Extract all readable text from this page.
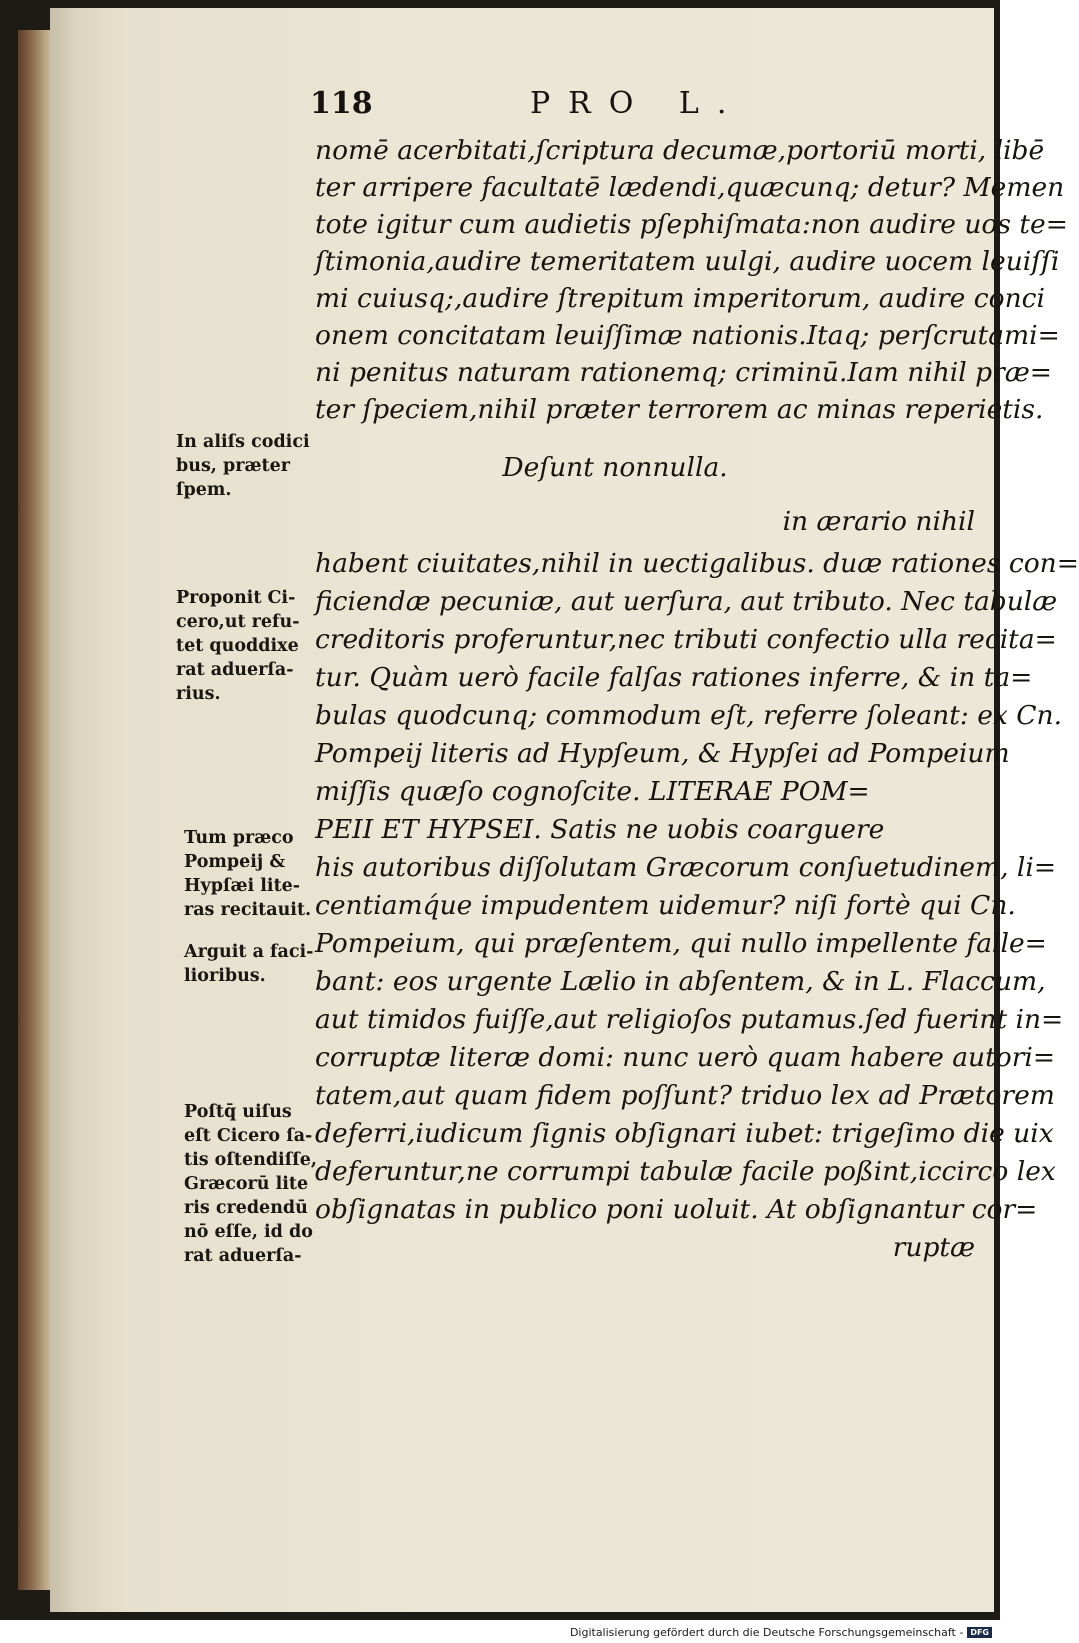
118	PRO L.
nomē acerbitati,ſcriptura decumæ,portoriū morti, libē
ter arripere facultatē lædendi,quæcunq; detur? Memen
tote igitur cum audietis pſephiſmata:non audire uos te=
ſtimonia,audire temeritatem uulgi, audire uocem leuiſſi
mi cuiusq;,audire ſtrepitum imperitorum, audire conci
onem concitatam leuiſſimæ nationis.Itaq; perſcrutami=
ni penitus naturam rationemq; criminū.Iam nihil præ=
ter ſpeciem,nihil præter terrorem ac minas reperietis.
Deſunt nonnulla.
in ærario nihil
habent ciuitates,nihil in uectigalibus. duæ rationes con=
ficiendæ pecuniæ, aut uerſura, aut tributo. Nec tabulæ
creditoris proferuntur,nec tributi confectio ulla recita=
tur. Quàm uerò facile falſas rationes inferre, & in ta=
bulas quodcunq; commodum eſt, referre ſoleant: ex Cn.
Pompeij literis ad Hypſeum, & Hypſei ad Pompeium
miſſis quæſo cognoſcite. LITERAE POM=
PEII ET HYPSEI. Satis ne uobis coarguere
his autoribus diſſolutam Græcorum conſuetudinem, li=
centiamq́ue impudentem uidemur? niſi fortè qui Cn.
Pompeium, qui præſentem, qui nullo impellente falle=
bant: eos urgente Lælio in abſentem, & in L. Flaccum,
aut timidos fuiſſe,aut religioſos putamus.ſed fuerint in=
corruptæ literæ domi: nunc uerò quam habere autori=
tatem,aut quam fidem poſſunt? triduo lex ad Prætorem
deferri,iudicum ſignis obſignari iubet: trigeſimo die uix
deferuntur,ne corrumpi tabulæ facile poßint,iccirco lex
obſignatas in publico poni uoluit. At obſignantur cor=
ruptæ
In aliſs codici
bus, præter
ſpem.
Proponit Ci-
cero,ut refu-
tet quoddixe
rat aduerſa-
rius.
Tum præco
Pompeij &
Hypſæi lite-
ras recitauit.
Arguit a faci-
lioribus.
Poſtq̄ uiſus
eſt Cicero ſa-
tis oſtendiſſe,
Græcorū lite
ris credendū
nō eſſe, id do
rat aduerſa-
Digitalisierung gefördert durch die Deutsche Forschungsgemeinschaft - DFG
